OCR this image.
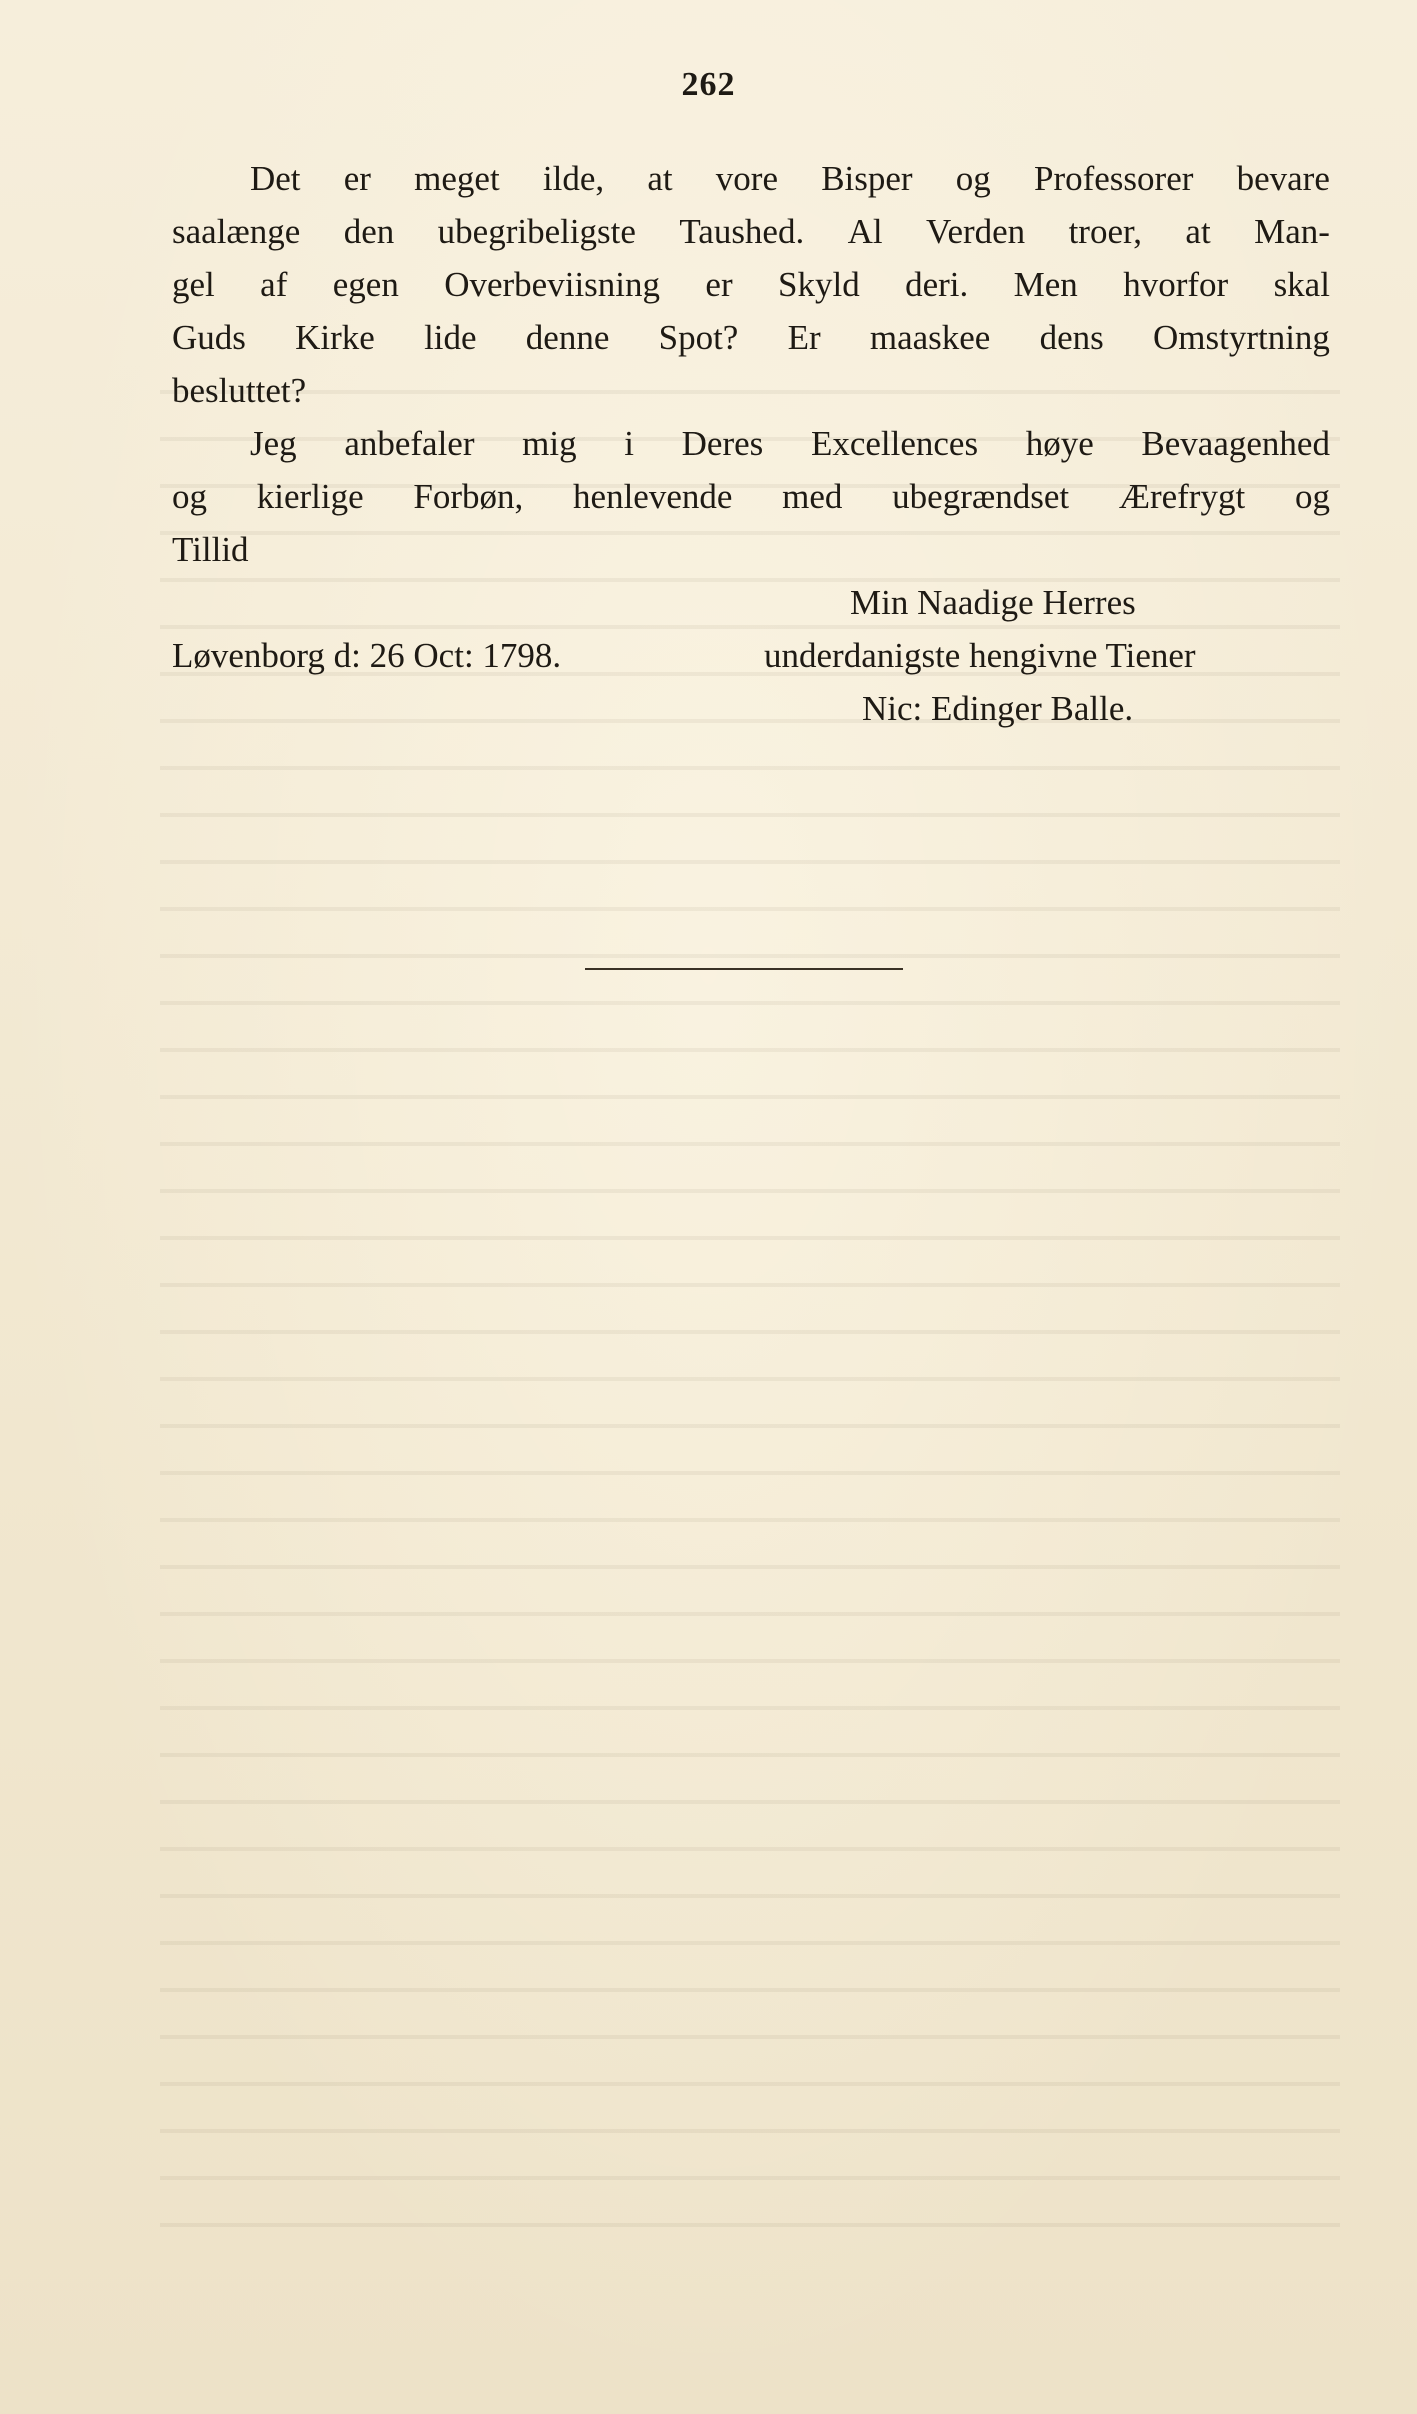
262
Det er meget ilde, at vore Bisper og Professorer bevare
saalænge den ubegribeligste Taushed. Al Verden troer, at Man-
gel af egen Overbeviisning er Skyld deri. Men hvorfor skal
Guds Kirke lide denne Spot? Er maaskee dens Omstyrtning
besluttet?
Jeg anbefaler mig i Deres Excellences høye Bevaagenhed
og kierlige Forbøn, henlevende med ubegrændset Ærefrygt og
Tillid
Min Naadige Herres
Løvenborg d: 26 Oct: 1798.	underdanigste hengivne Tiener
Nic: Edinger Balle.
